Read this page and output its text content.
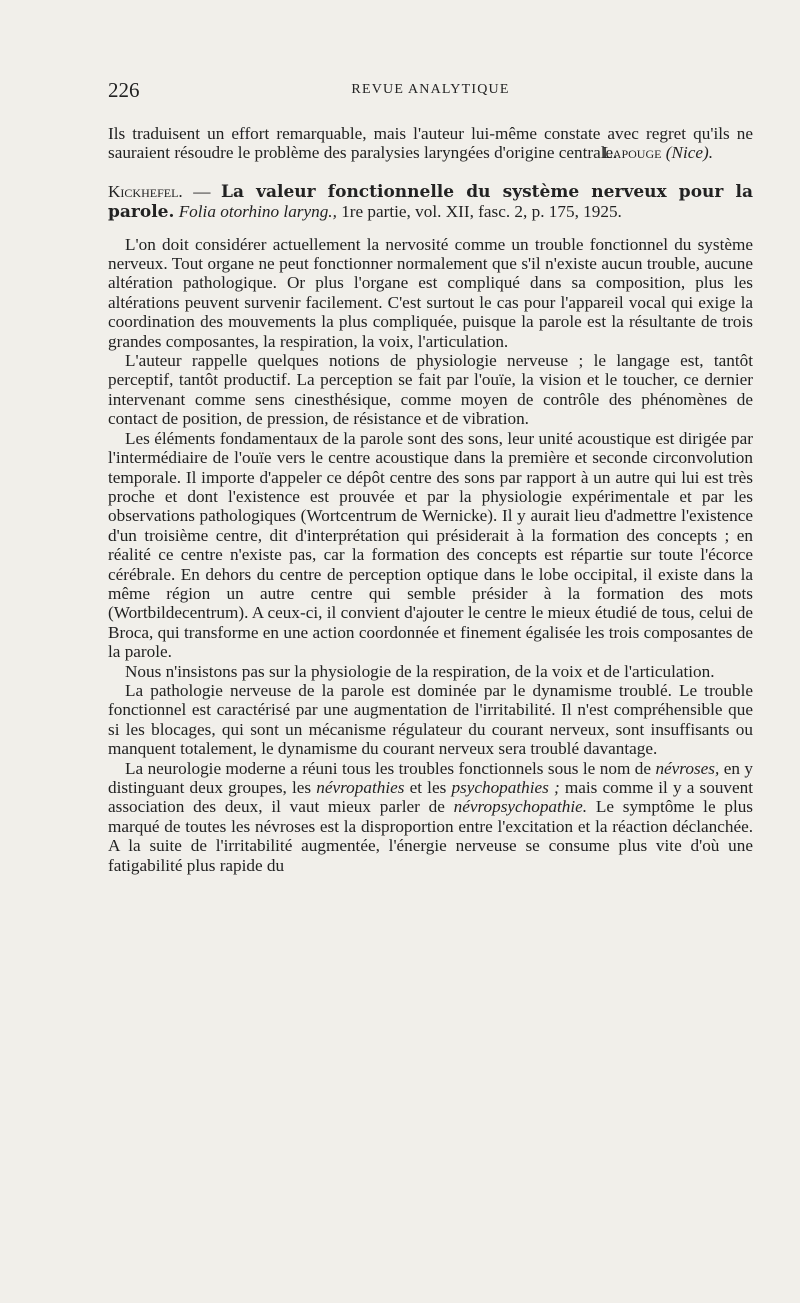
226	REVUE ANALYTIQUE

Ils traduisent un effort remarquable, mais l'auteur lui-même constate avec regret qu'ils ne sauraient résoudre le problème des paralysies laryngées d'origine centrale.

Lapouge (Nice).

Kickhefel. — La valeur fonctionnelle du système nerveux pour la parole. Folia otorhino laryng., 1re partie, vol. XII, fasc. 2, p. 175, 1925.

L'on doit considérer actuellement la nervosité comme un trouble fonctionnel du système nerveux. Tout organe ne peut fonctionner normalement que s'il n'existe aucun trouble, aucune altération pathologique. Or plus l'organe est compliqué dans sa composition, plus les altérations peuvent survenir facilement. C'est surtout le cas pour l'appareil vocal qui exige la coordination des mouvements la plus compliquée, puisque la parole est la résultante de trois grandes composantes, la respiration, la voix, l'articulation.

L'auteur rappelle quelques notions de physiologie nerveuse ; le langage est, tantôt perceptif, tantôt productif. La perception se fait par l'ouïe, la vision et le toucher, ce dernier intervenant comme sens cinesthésique, comme moyen de contrôle des phénomènes de contact de position, de pression, de résistance et de vibration.

Les éléments fondamentaux de la parole sont des sons, leur unité acoustique est dirigée par l'intermédiaire de l'ouïe vers le centre acoustique dans la première et seconde circonvolution temporale. Il importe d'appeler ce dépôt centre des sons par rapport à un autre qui lui est très proche et dont l'existence est prouvée et par la physiologie expérimentale et par les observations pathologiques (Wortcentrum de Wernicke). Il y aurait lieu d'admettre l'existence d'un troisième centre, dit d'interprétation qui présiderait à la formation des concepts ; en réalité ce centre n'existe pas, car la formation des concepts est répartie sur toute l'écorce cérébrale. En dehors du centre de perception optique dans le lobe occipital, il existe dans la même région un autre centre qui semble présider à la formation des mots (Wortbildecentrum). A ceux-ci, il convient d'ajouter le centre le mieux étudié de tous, celui de Broca, qui transforme en une action coordonnée et finement égalisée les trois composantes de la parole.

Nous n'insistons pas sur la physiologie de la respiration, de la voix et de l'articulation.

La pathologie nerveuse de la parole est dominée par le dynamisme troublé. Le trouble fonctionnel est caractérisé par une augmentation de l'irritabilité. Il n'est compréhensible que si les blocages, qui sont un mécanisme régulateur du courant nerveux, sont insuffisants ou manquent totalement, le dynamisme du courant nerveux sera troublé davantage.

La neurologie moderne a réuni tous les troubles fonctionnels sous le nom de névroses, en y distinguant deux groupes, les névropathies et les psychopathies ; mais comme il y a souvent association des deux, il vaut mieux parler de névropsychopathie. Le symptôme le plus marqué de toutes les névroses est la disproportion entre l'excitation et la réaction déclanchée. A la suite de l'irritabilité augmentée, l'énergie nerveuse se consume plus vite d'où une fatigabilité plus rapide du
